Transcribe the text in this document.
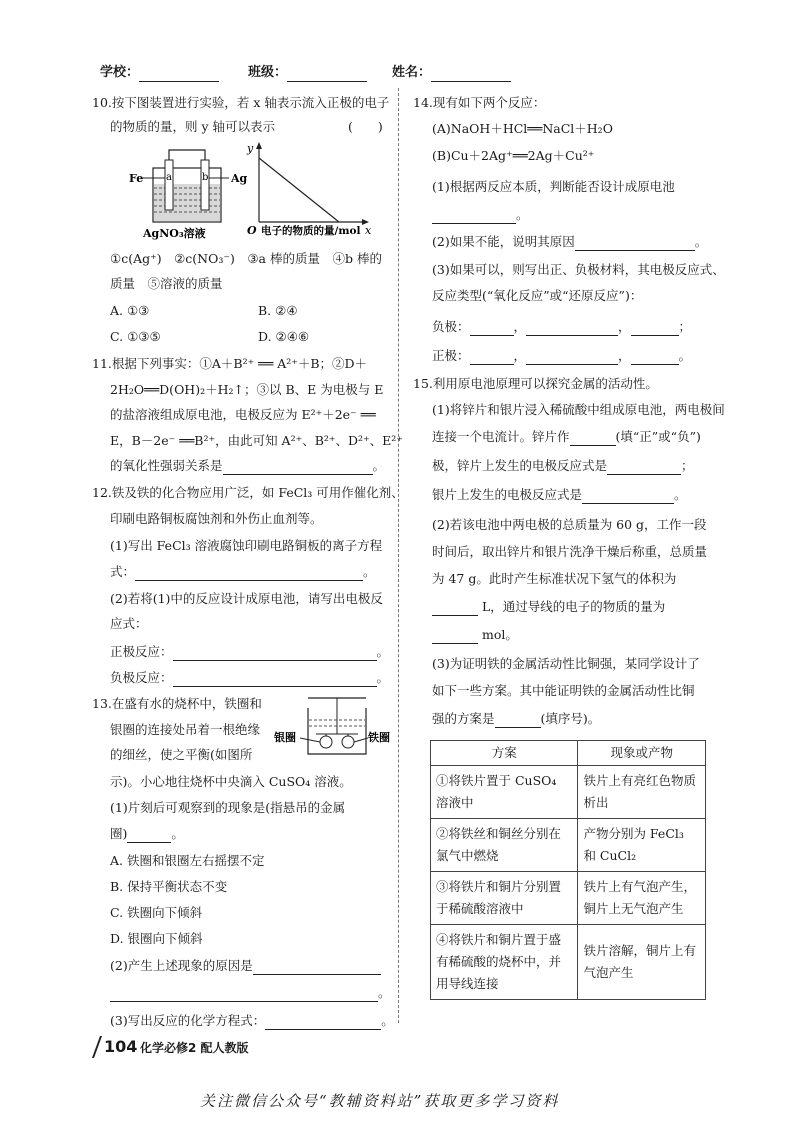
学校：	班级：	姓名：
10.按下图装置进行实验，若 x 轴表示流入正极的电子
的物质的量，则 y 轴可以表示	(　　)
Fe a	b Ag
AgNO₃溶液
y
O 电子的物质的量/mol x
①c(Ag⁺)　②c(NO₃⁻)　③a 棒的质量　④b 棒的
质量　⑤溶液的质量
A. ①③	B. ②④
C. ①③⑤	D. ②④⑥
11.根据下列事实：①A＋B²⁺ ══ A²⁺＋B；②D＋
2H₂O══D(OH)₂＋H₂↑；③以 B、E 为电极与 E
的盐溶液组成原电池，电极反应为 E²⁺＋2e⁻ ══
E，B－2e⁻ ══B²⁺，由此可知 A²⁺、B²⁺、D²⁺、E²⁺
的氧化性强弱关系是	。
12.铁及铁的化合物应用广泛，如 FeCl₃ 可用作催化剂、
印刷电路铜板腐蚀剂和外伤止血剂等。
(1)写出 FeCl₃ 溶液腐蚀印刷电路铜板的离子方程
式：	。
(2)若将(1)中的反应设计成原电池，请写出电极反
应式：
正极反应：	。
负极反应：	。
13.在盛有水的烧杯中，铁圈和
银圈的连接处吊着一根绝缘
的细丝，使之平衡(如图所
示)。小心地往烧杯中央滴入 CuSO₄ 溶液。
银圈	铁圈
(1)片刻后可观察到的现象是(指悬吊的金属
圈)	。
A. 铁圈和银圈左右摇摆不定
B. 保持平衡状态不变
C. 铁圈向下倾斜
D. 银圈向下倾斜
(2)产生上述现象的原因是
。
(3)写出反应的化学方程式：	。
14.现有如下两个反应：
(A)NaOH＋HCl══NaCl＋H₂O
(B)Cu＋2Ag⁺══2Ag＋Cu²⁺
(1)根据两反应本质，判断能否设计成原电池
。
(2)如果不能，说明其原因	。
(3)如果可以，则写出正、负极材料，其电极反应式、
反应类型(“氧化反应”或“还原反应”)：
负极：	，	，	；
正极：	，	，	。
15.利用原电池原理可以探究金属的活动性。
(1)将锌片和银片浸入稀硫酸中组成原电池，两电极间
连接一个电流计。锌片作	(填“正”或“负”)
极，锌片上发生的电极反应式是	；
银片上发生的电极反应式是	。
(2)若该电池中两电极的总质量为 60 g，工作一段
时间后，取出锌片和银片洗净干燥后称重，总质量
为 47 g。此时产生标准状况下氢气的体积为
L，通过导线的电子的物质的量为
mol。
(3)为证明铁的金属活动性比铜强，某同学设计了
如下一些方案。其中能证明铁的金属活动性比铜
强的方案是	(填序号)。
方案	现象或产物
①将铁片置于 CuSO₄ 溶液中	铁片上有亮红色物质析出
②将铁丝和铜丝分别在氯气中燃烧	产物分别为 FeCl₃ 和 CuCl₂
③将铁片和铜片分别置于稀硫酸溶液中	铁片上有气泡产生，铜片上无气泡产生
④将铁片和铜片置于盛有稀硫酸的烧杯中，并用导线连接	铁片溶解，铜片上有气泡产生
104 化学必修2 配人教版
关注微信公众号“教辅资料站”获取更多学习资料
